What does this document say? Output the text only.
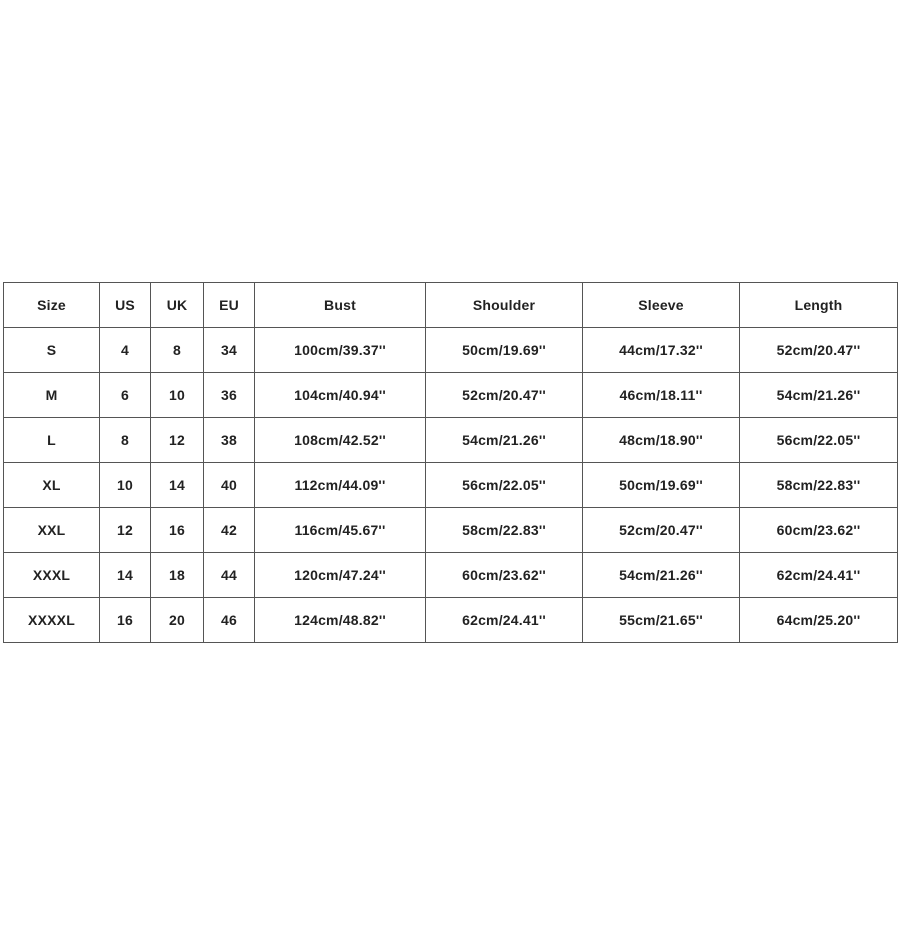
Size	US	UK	EU	Bust	Shoulder	Sleeve	Length
S	4	8	34	100cm/39.37''	50cm/19.69''	44cm/17.32''	52cm/20.47''
M	6	10	36	104cm/40.94''	52cm/20.47''	46cm/18.11''	54cm/21.26''
L	8	12	38	108cm/42.52''	54cm/21.26''	48cm/18.90''	56cm/22.05''
XL	10	14	40	112cm/44.09''	56cm/22.05''	50cm/19.69''	58cm/22.83''
XXL	12	16	42	116cm/45.67''	58cm/22.83''	52cm/20.47''	60cm/23.62''
XXXL	14	18	44	120cm/47.24''	60cm/23.62''	54cm/21.26''	62cm/24.41''
XXXXL	16	20	46	124cm/48.82''	62cm/24.41''	55cm/21.65''	64cm/25.20''
